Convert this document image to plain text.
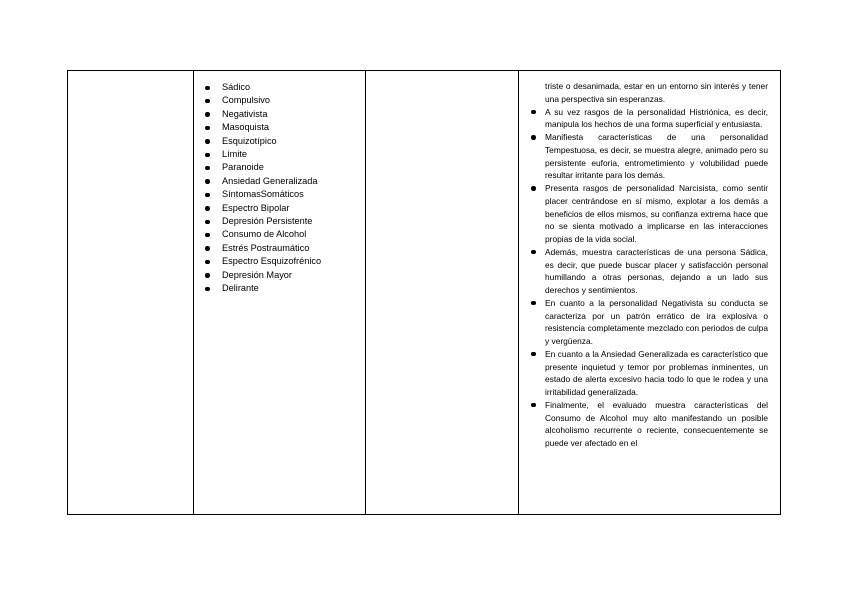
Sádico
Compulsivo
Negativista
Masoquista
Esquizotípico
Límite
Paranoide
Ansiedad Generalizada
SíntomasSomáticos
Espectro Bipolar
Depresión Persistente
Consumo de Alcohol
Estrés Postraumático
Espectro Esquizofrénico
Depresión Mayor
Delirante

triste o desanimada, estar en un entorno sin interés y tener una perspectiva sin esperanzas.

A su vez rasgos de la personalidad Histriónica, es decir, manipula los hechos de una forma superficial y entusiasta.
Manifiesta características de una personalidad Tempestuosa, es decir, se muestra alegre, animado pero su persistente euforia, entrometimiento y volubilidad puede resultar irritante para los demás.
Presenta rasgos de personalidad Narcisista, como sentir placer centrándose en sí mismo, explotar a los demás a beneficios de ellos mismos, su confianza extrema hace que no se sienta motivado a implicarse en las interacciones propias de la vida social.
Además, muestra características de una persona Sádica, es decir, que puede buscar placer y satisfacción personal humillando a otras personas, dejando a un lado sus derechos y sentimientos.
En cuanto a la personalidad Negativista su conducta se caracteriza por un patrón errático de ira explosiva o resistencia completamente mezclado con periodos de culpa y vergüenza.
En cuanto a la Ansiedad Generalizada es característico que presente inquietud y temor por problemas inminentes, un estado de alerta excesivo hacia todo lo que le rodea y una irritabilidad generalizada.
Finalmente, el evaluado muestra características del Consumo de Alcohol muy alto manifestando un posible alcoholismo recurrente o reciente, consecuentemente se puede ver afectado en el
